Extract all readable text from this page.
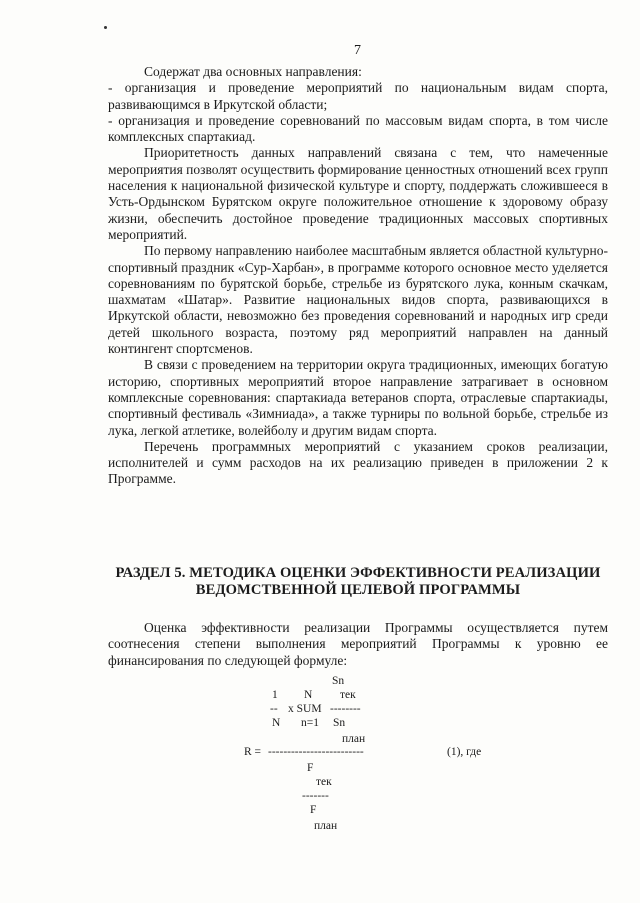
7

Содержат два основных направления:

- организация и проведение мероприятий по национальным видам спорта, развивающимся в Иркутской области;

- организация и проведение соревнований по массовым видам спорта, в том числе комплексных спартакиад.

Приоритетность данных направлений связана с тем, что намеченные мероприятия позволят осуществить формирование ценностных отношений всех групп населения к национальной физической культуре и спорту, поддержать сложившееся в Усть-Ордынском Бурятском округе положительное отношение к здоровому образу жизни, обеспечить достойное проведение традиционных массовых спортивных мероприятий.

По первому направлению наиболее масштабным является областной культурно-спортивный праздник «Сур-Харбан», в программе которого основное место уделяется соревнованиям по бурятской борьбе, стрельбе из бурятского лука, конным скачкам, шахматам «Шатар». Развитие национальных видов спорта, развивающихся в Иркутской области, невозможно без проведения соревнований и народных игр среди детей школьного возраста, поэтому ряд мероприятий направлен на данный контингент спортсменов.

В связи с проведением на территории округа традиционных, имеющих богатую историю, спортивных мероприятий второе направление затрагивает в основном комплексные соревнования: спартакиада ветеранов спорта, отраслевые спартакиады, спортивный фестиваль «Зимниада», а также турниры по вольной борьбе, стрельбе из лука, легкой атлетике, волейболу и другим видам спорта.

Перечень программных мероприятий с указанием сроков реализации, исполнителей и сумм расходов на их реализацию приведен в приложении 2 к Программе.

РАЗДЕЛ 5. МЕТОДИКА ОЦЕНКИ ЭФФЕКТИВНОСТИ РЕАЛИЗАЦИИ ВЕДОМСТВЕННОЙ ЦЕЛЕВОЙ ПРОГРАММЫ

Оценка эффективности реализации Программы осуществляется путем соотнесения степени выполнения мероприятий Программы к уровню ее финансирования по следующей формуле:

Sn
1 N тек
-- x SUM --------
N n=1 Sn
план
R = -------------------------	(1), где
F
тек
-------
F
план
